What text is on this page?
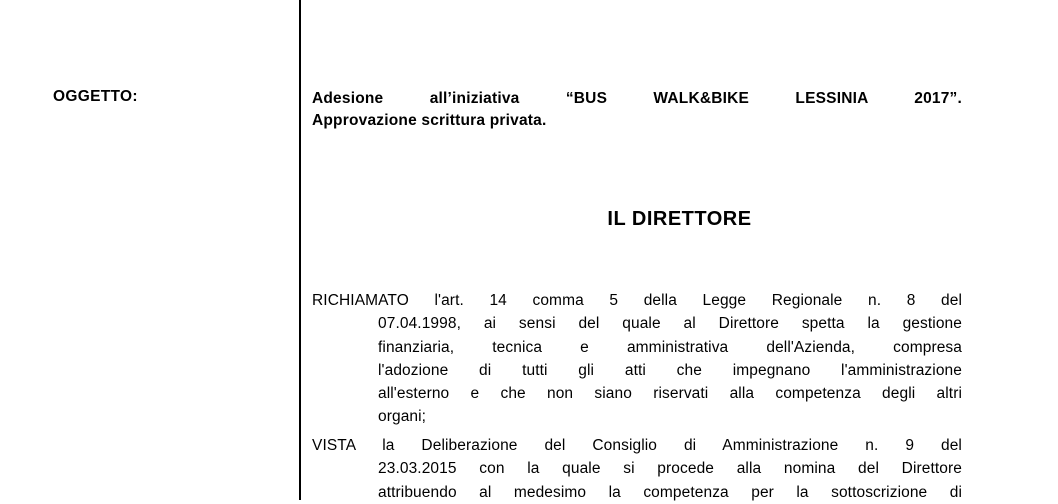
OGGETTO:	Adesione all’iniziativa “BUS WALK&BIKE LESSINIA 2017”.
Approvazione scrittura privata.
IL DIRETTORE
RICHIAMATO l'art. 14 comma 5 della Legge Regionale n. 8 del
07.04.1998, ai sensi del quale al Direttore spetta la gestione
finanziaria, tecnica e amministrativa dell'Azienda, compresa
l'adozione di tutti gli atti che impegnano l'amministrazione
all'esterno e che non siano riservati alla competenza degli altri
organi;
VISTA la Deliberazione del Consiglio di Amministrazione n. 9 del
23.03.2015 con la quale si procede alla nomina del Direttore
attribuendo al medesimo la competenza per la sottoscrizione di
